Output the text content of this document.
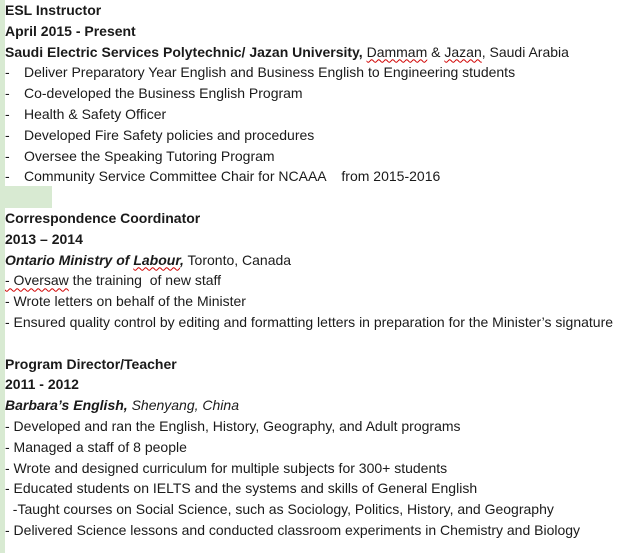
ESL Instructor
April 2015 - Present
Saudi Electric Services Polytechnic/ Jazan University, Dammam & Jazan, Saudi Arabia
- Deliver Preparatory Year English and Business English to Engineering students
- Co-developed the Business English Program
- Health & Safety Officer
- Developed Fire Safety policies and procedures
- Oversee the Speaking Tutoring Program
- Community Service Committee Chair for NCAAA    from 2015-2016
Correspondence Coordinator
2013 – 2014
Ontario Ministry of Labour, Toronto, Canada
- Oversaw the training  of new staff
- Wrote letters on behalf of the Minister
- Ensured quality control by editing and formatting letters in preparation for the Minister’s signature
Program Director/Teacher
2011 - 2012
Barbara’s English, Shenyang, China
- Developed and ran the English, History, Geography, and Adult programs
- Managed a staff of 8 people
- Wrote and designed curriculum for multiple subjects for 300+ students
- Educated students on IELTS and the systems and skills of General English
-Taught courses on Social Science, such as Sociology, Politics, History, and Geography
- Delivered Science lessons and conducted classroom experiments in Chemistry and Biology
